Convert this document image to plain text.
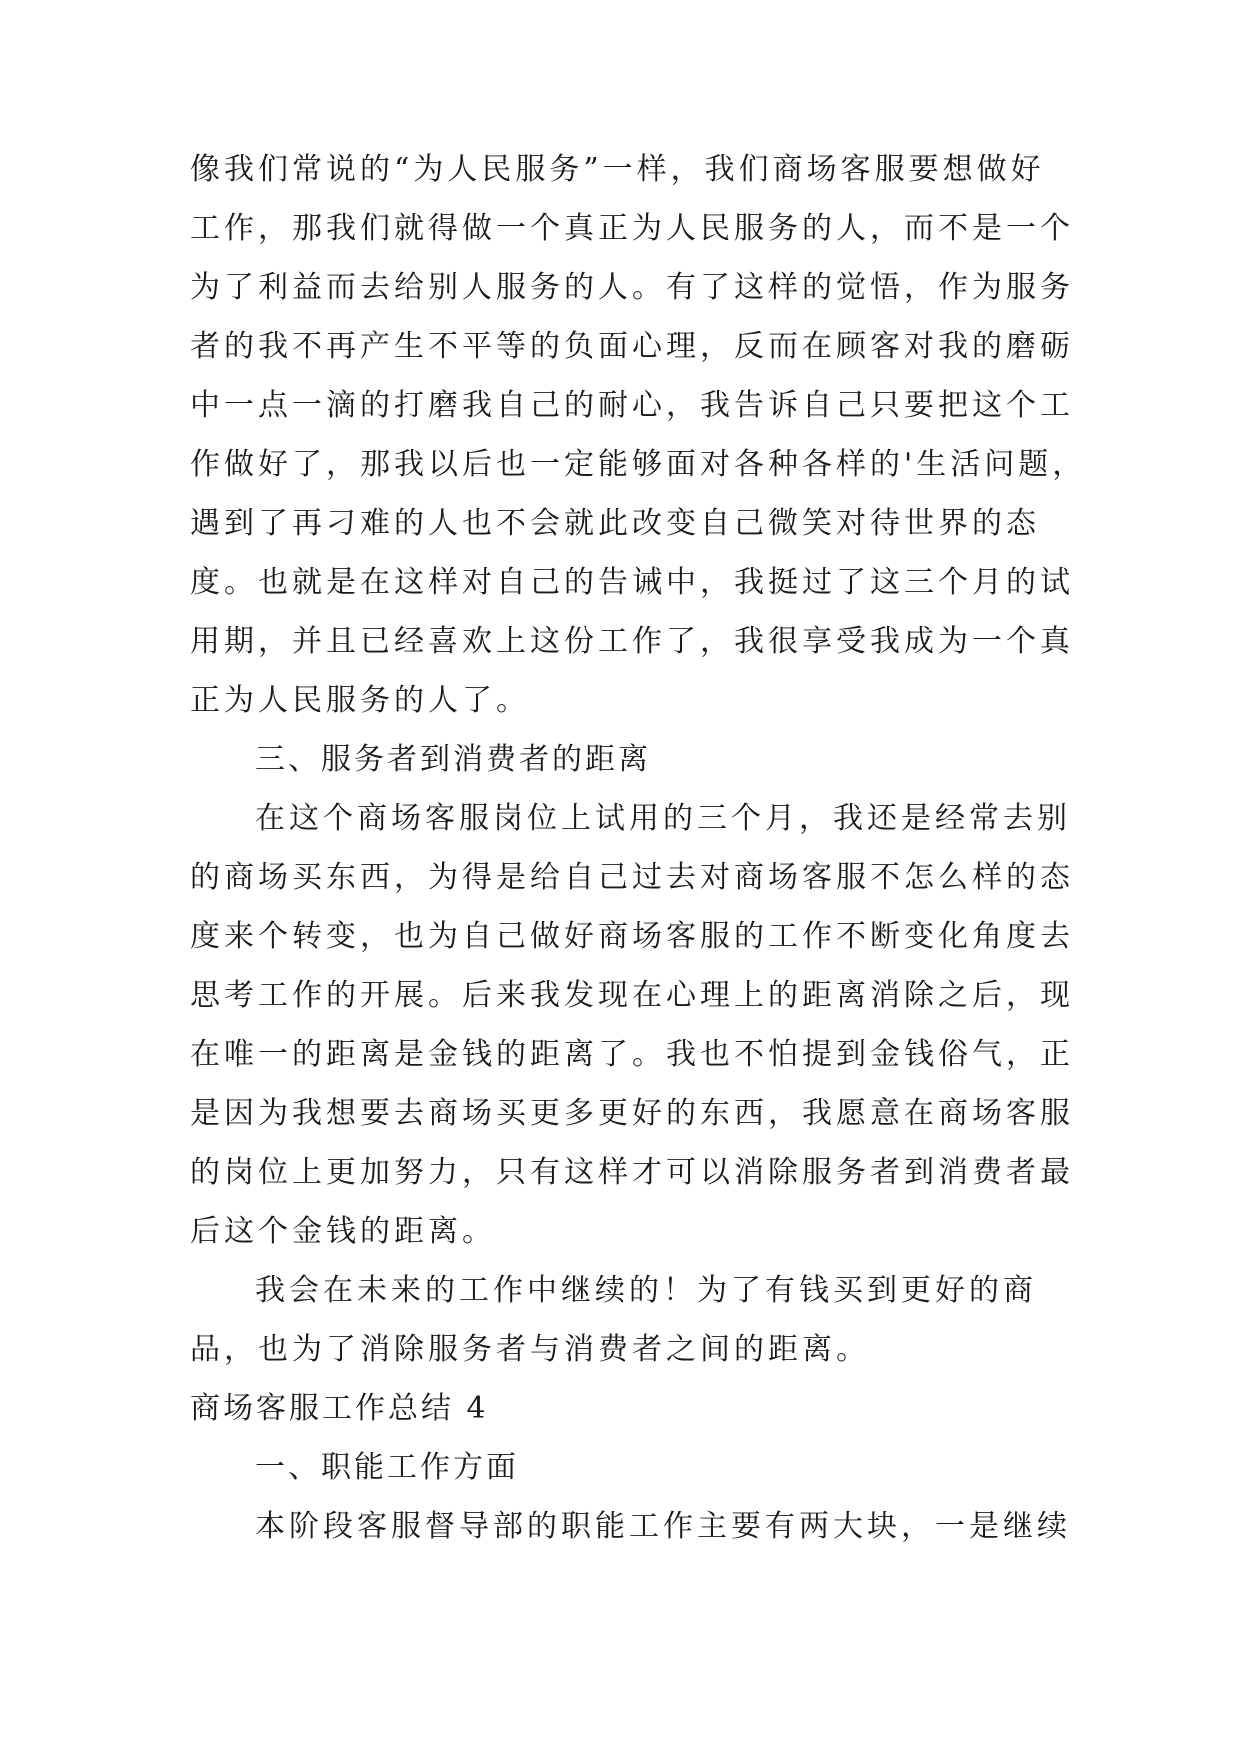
像我们常说的“为人民服务”一样，我们商场客服要想做好
工作，那我们就得做一个真正为人民服务的人，而不是一个
为了利益而去给别人服务的人。有了这样的觉悟，作为服务
者的我不再产生不平等的负面心理，反而在顾客对我的磨砺
中一点一滴的打磨我自己的耐心，我告诉自己只要把这个工
作做好了，那我以后也一定能够面对各种各样的'生活问题，
遇到了再刁难的人也不会就此改变自己微笑对待世界的态
度。也就是在这样对自己的告诫中，我挺过了这三个月的试
用期，并且已经喜欢上这份工作了，我很享受我成为一个真
正为人民服务的人了。
三、服务者到消费者的距离
在这个商场客服岗位上试用的三个月，我还是经常去别
的商场买东西，为得是给自己过去对商场客服不怎么样的态
度来个转变，也为自己做好商场客服的工作不断变化角度去
思考工作的开展。后来我发现在心理上的距离消除之后，现
在唯一的距离是金钱的距离了。我也不怕提到金钱俗气，正
是因为我想要去商场买更多更好的东西，我愿意在商场客服
的岗位上更加努力，只有这样才可以消除服务者到消费者最
后这个金钱的距离。
我会在未来的工作中继续的！为了有钱买到更好的商
品，也为了消除服务者与消费者之间的距离。
商场客服工作总结 4
一、职能工作方面
本阶段客服督导部的职能工作主要有两大块，一是继续
